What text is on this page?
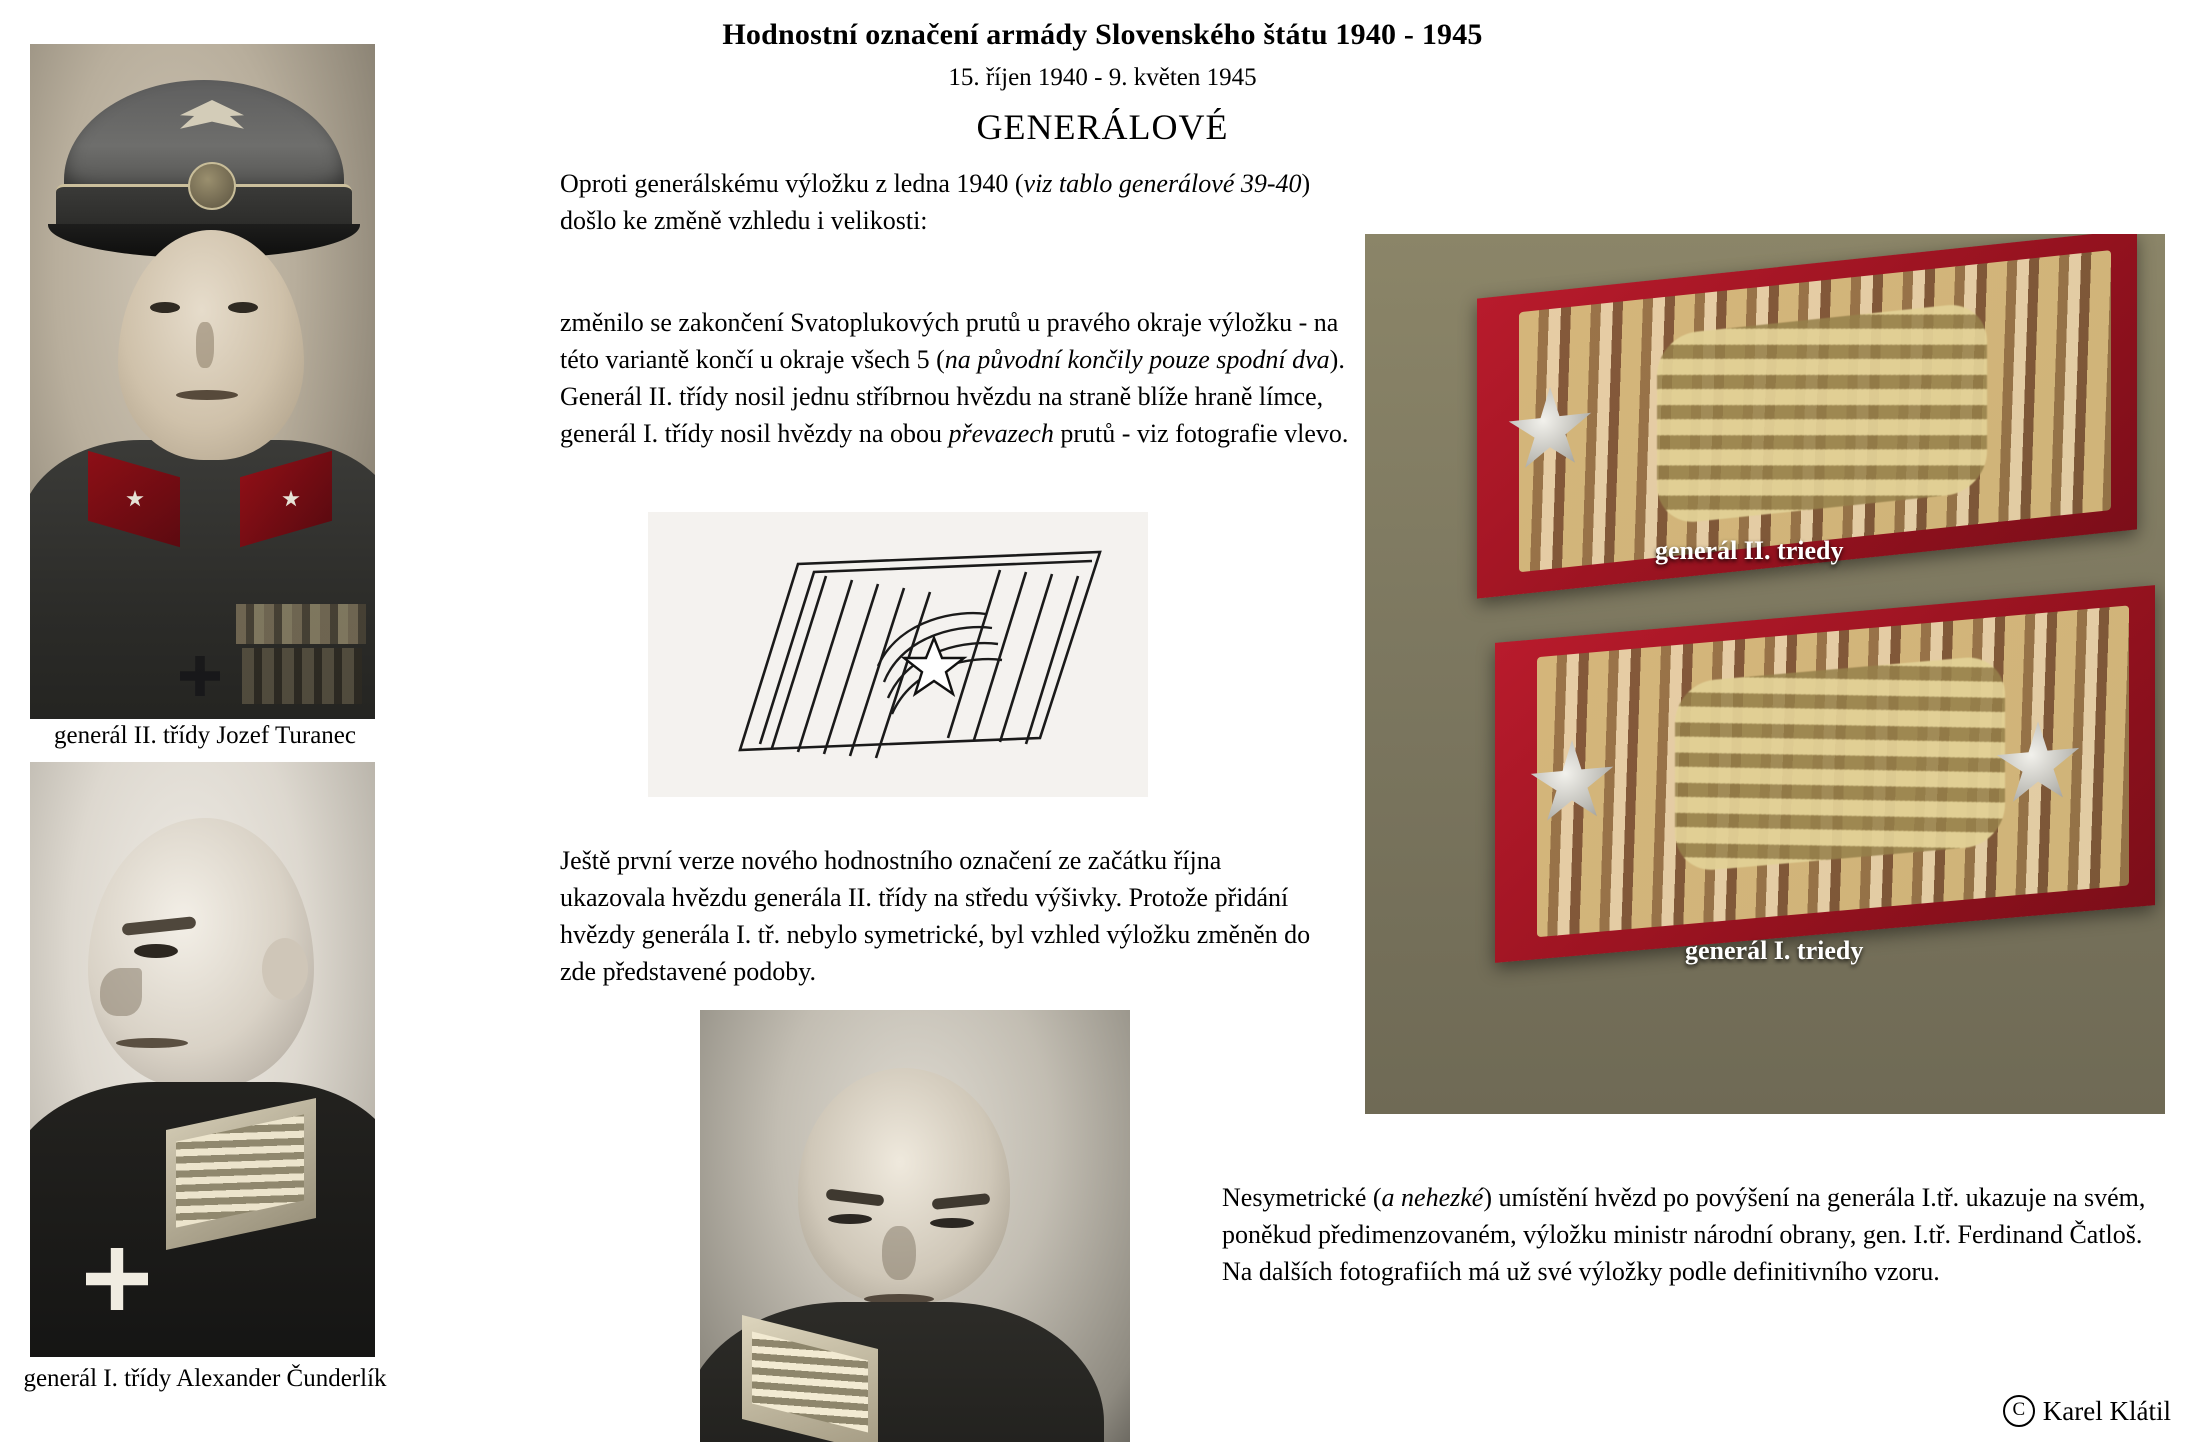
Hodnostní označení armády Slovenského štátu 1940 - 1945
15. říjen 1940 - 9. květen 1945
GENERÁLOVÉ
generál II. třídy Jozef Turanec
generál I. třídy Alexander Čunderlík
Oproti generálskému výložku z ledna 1940 (viz tablo generálové 39-40) došlo ke změně vzhledu i velikosti:
změnilo se zakončení Svatoplukových prutů u pravého okraje výložku - na této variantě končí u okraje všech 5 (na původní končily pouze spodní dva). Generál II. třídy nosil jednu stříbrnou hvězdu na straně blíže hraně límce, generál I. třídy nosil hvězdy na obou převazech prutů - viz fotografie vlevo.
Ještě první verze nového hodnostního označení ze začátku října ukazovala hvězdu generála II. třídy na středu výšivky. Protože přidání hvězdy generála I. tř. nebylo symetrické, byl vzhled výložku změněn do zde představené podoby.
generál II. triedy
generál I. triedy
Nesymetrické (a nehezké) umístění hvězd po povýšení na generála I.tř. ukazuje na svém, poněkud předimenzovaném, výložku ministr národní obrany, gen. I.tř. Ferdinand Čatloš. Na dalších fotografiích má už své výložky podle definitivního vzoru.
C Karel Klátil
